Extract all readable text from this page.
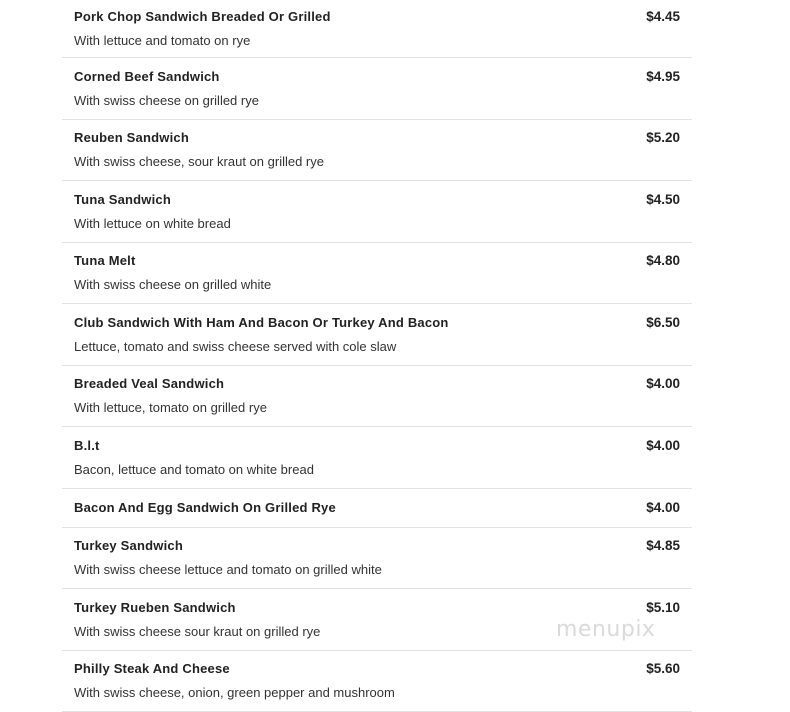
Pork Chop Sandwich Breaded Or Grilled	$4.45
With lettuce and tomato on rye
Corned Beef Sandwich	$4.95
With swiss cheese on grilled rye
Reuben Sandwich	$5.20
With swiss cheese, sour kraut on grilled rye
Tuna Sandwich	$4.50
With lettuce on white bread
Tuna Melt	$4.80
With swiss cheese on grilled white
Club Sandwich With Ham And Bacon Or Turkey And Bacon	$6.50
Lettuce, tomato and swiss cheese served with cole slaw
Breaded Veal Sandwich	$4.00
With lettuce, tomato on grilled rye
B.l.t	$4.00
Bacon, lettuce and tomato on white bread
Bacon And Egg Sandwich On Grilled Rye	$4.00
Turkey Sandwich	$4.85
With swiss cheese lettuce and tomato on grilled white
Turkey Rueben Sandwich	$5.10
With swiss cheese sour kraut on grilled rye
Philly Steak And Cheese	$5.60
With swiss cheese, onion, green pepper and mushroom
menupix
